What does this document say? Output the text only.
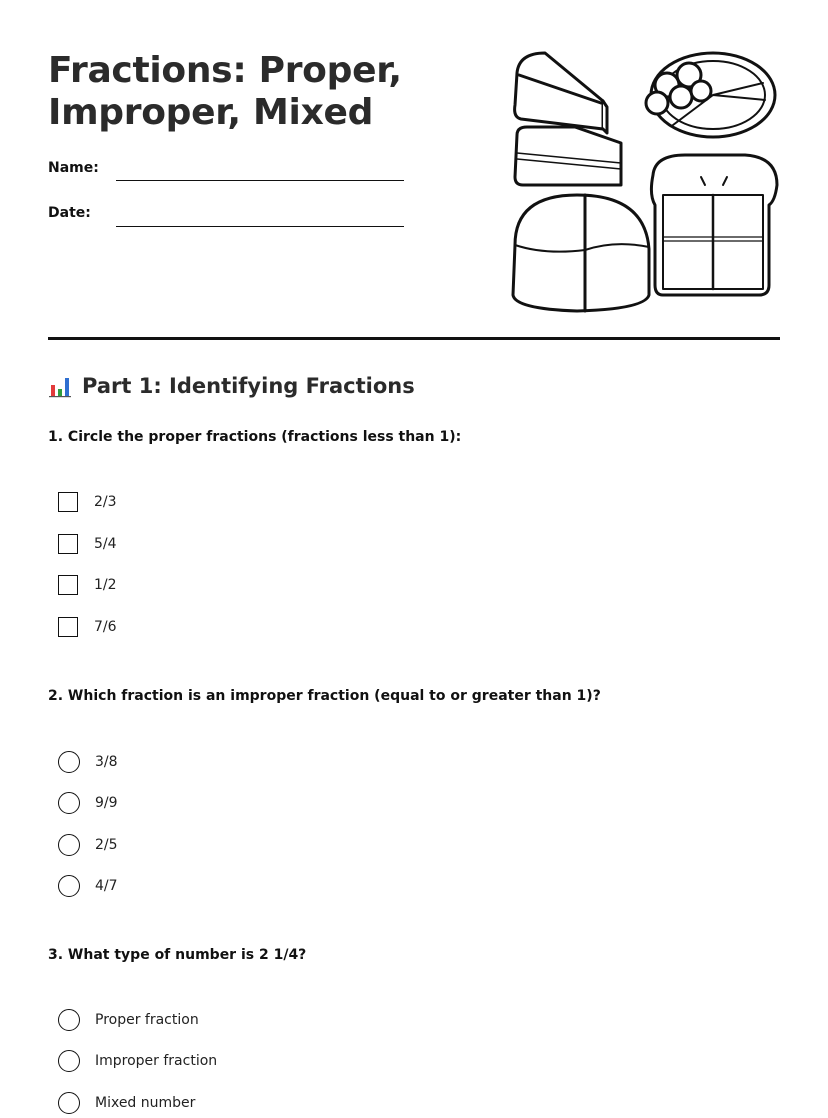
Fractions: Proper, Improper, Mixed
Name:
Date:
Part 1: Identifying Fractions
1. Circle the proper fractions (fractions less than 1):
2/3
5/4
1/2
7/6
2. Which fraction is an improper fraction (equal to or greater than 1)?
3/8
9/9
2/5
4/7
3. What type of number is 2 1/4?
Proper fraction
Improper fraction
Mixed number
